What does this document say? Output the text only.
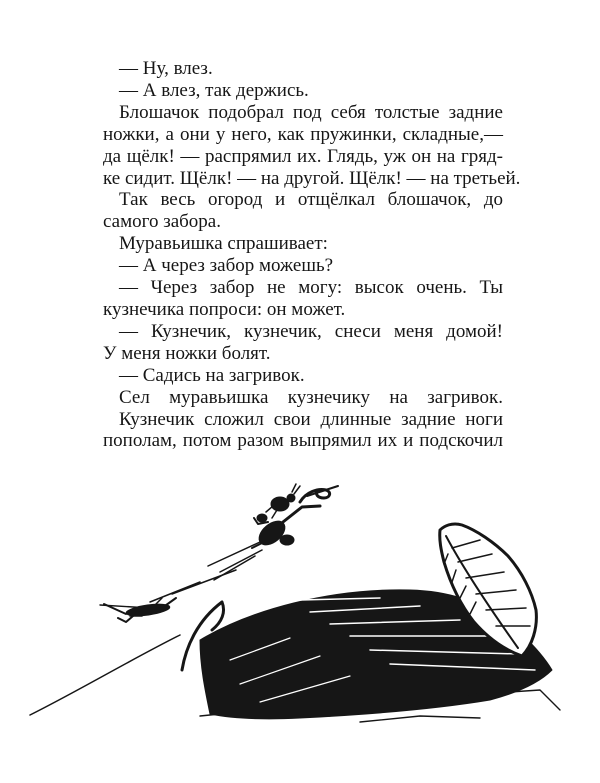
— Ну, влез.

— А влез, так держись.

Блошачок подобрал под себя толстые задние

ножки, а они у него, как пружинки, складные,—

да щёлк! — распрямил их. Глядь, уж он на гряд-

ке сидит. Щёлк! — на другой. Щёлк! — на третьей.

Так весь огород и отщёлкал блошачок, до

самого забора.

Муравьишка спрашивает:

— А через забор можешь?

— Через забор не могу: высок очень. Ты

кузнечика попроси: он может.

— Кузнечик, кузнечик, снеси меня домой!

У меня ножки болят.

— Садись на загривок.

Сел муравьишка кузнечику на загривок.

Кузнечик сложил свои длинные задние ноги

пополам, потом разом выпрямил их и подскочил
